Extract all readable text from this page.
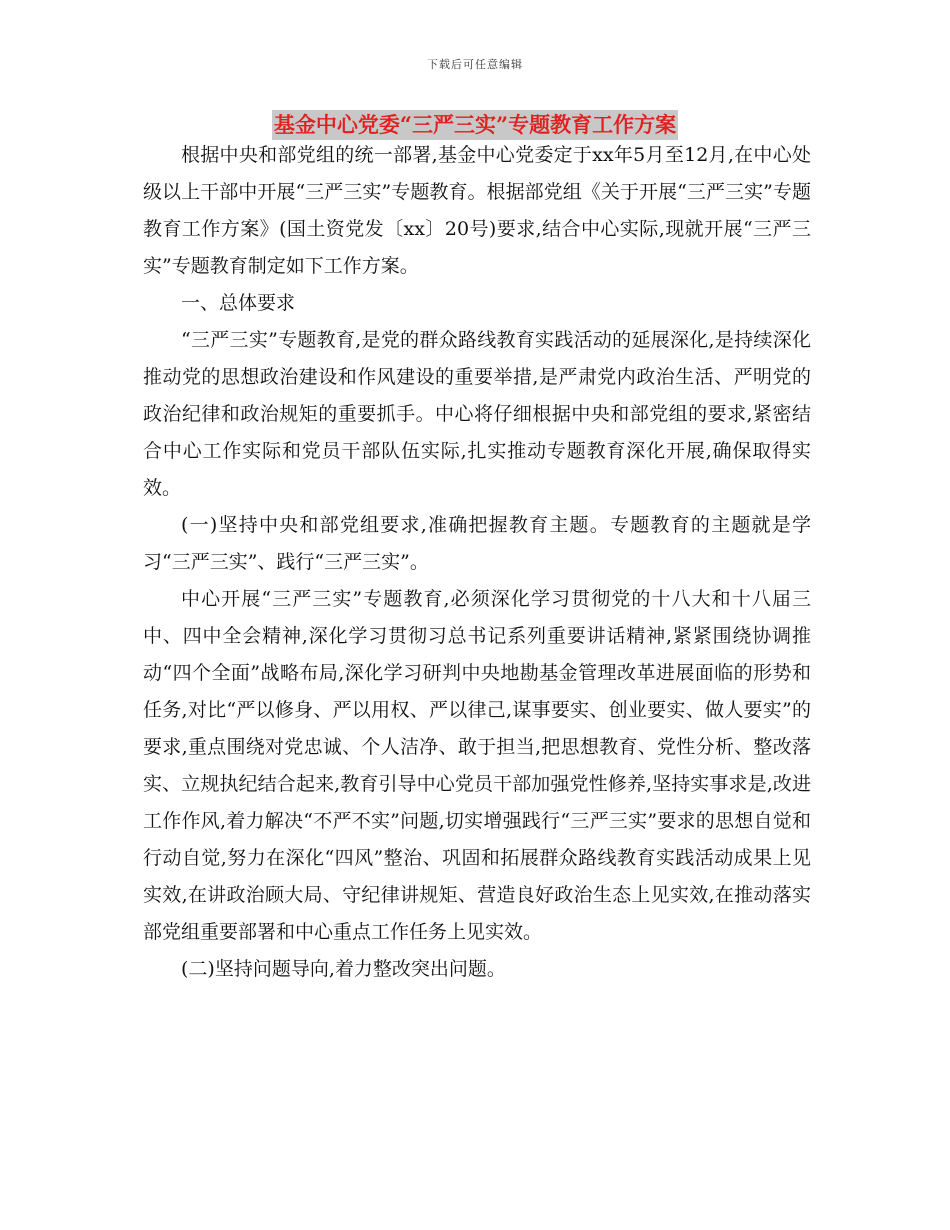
下载后可任意编辑
基金中心党委“三严三实”专题教育工作方案

根据中央和部党组的统一部署,基金中心党委定于xx年5月至12月,在中心处级以上干部中开展“三严三实”专题教育。根据部党组《关于开展“三严三实”专题教育工作方案》(国土资党发〔xx〕20号)要求,结合中心实际,现就开展“三严三实”专题教育制定如下工作方案。

一、总体要求

“三严三实”专题教育,是党的群众路线教育实践活动的延展深化,是持续深化推动党的思想政治建设和作风建设的重要举措,是严肃党内政治生活、严明党的政治纪律和政治规矩的重要抓手。中心将仔细根据中央和部党组的要求,紧密结合中心工作实际和党员干部队伍实际,扎实推动专题教育深化开展,确保取得实效。

(一)坚持中央和部党组要求,准确把握教育主题。专题教育的主题就是学习“三严三实”、践行“三严三实”。

中心开展“三严三实”专题教育,必须深化学习贯彻党的十八大和十八届三中、四中全会精神,深化学习贯彻习总书记系列重要讲话精神,紧紧围绕协调推动“四个全面”战略布局,深化学习研判中央地勘基金管理改革进展面临的形势和任务,对比“严以修身、严以用权、严以律己,谋事要实、创业要实、做人要实”的要求,重点围绕对党忠诚、个人洁净、敢于担当,把思想教育、党性分析、整改落实、立规执纪结合起来,教育引导中心党员干部加强党性修养,坚持实事求是,改进工作作风,着力解决“不严不实”问题,切实增强践行“三严三实”要求的思想自觉和行动自觉,努力在深化“四风”整治、巩固和拓展群众路线教育实践活动成果上见实效,在讲政治顾大局、守纪律讲规矩、营造良好政治生态上见实效,在推动落实部党组重要部署和中心重点工作任务上见实效。

(二)坚持问题导向,着力整改突出问题。
